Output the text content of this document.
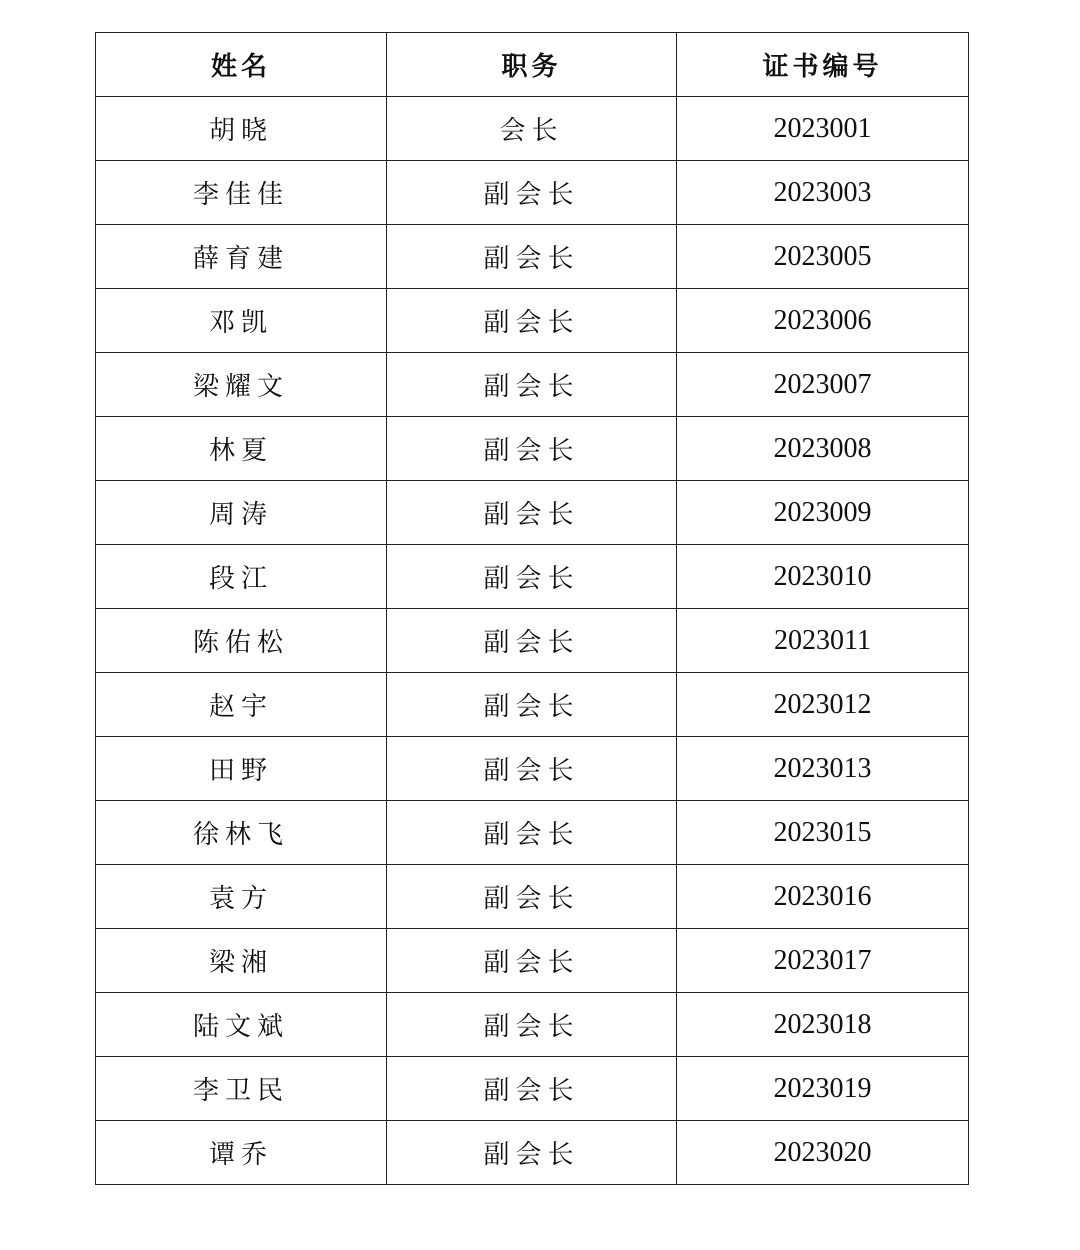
姓名	职务	证书编号
胡晓	会长	2023001
李佳佳	副会长	2023003
薛育建	副会长	2023005
邓凯	副会长	2023006
梁耀文	副会长	2023007
林夏	副会长	2023008
周涛	副会长	2023009
段江	副会长	2023010
陈佑松	副会长	2023011
赵宇	副会长	2023012
田野	副会长	2023013
徐林飞	副会长	2023015
袁方	副会长	2023016
梁湘	副会长	2023017
陆文斌	副会长	2023018
李卫民	副会长	2023019
谭乔	副会长	2023020
